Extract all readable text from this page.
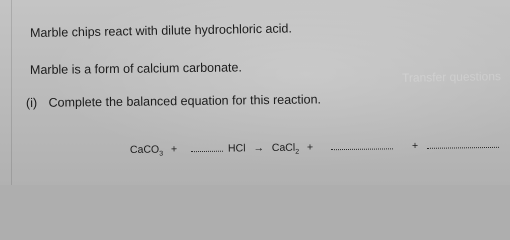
Marble chips react with dilute hydrochloric acid.
Marble is a form of calcium carbonate.
Transfer questions
(i) Complete the balanced equation for this reaction.
CaCO$_3$ +	HCl → CaCl$_2$ +	+
